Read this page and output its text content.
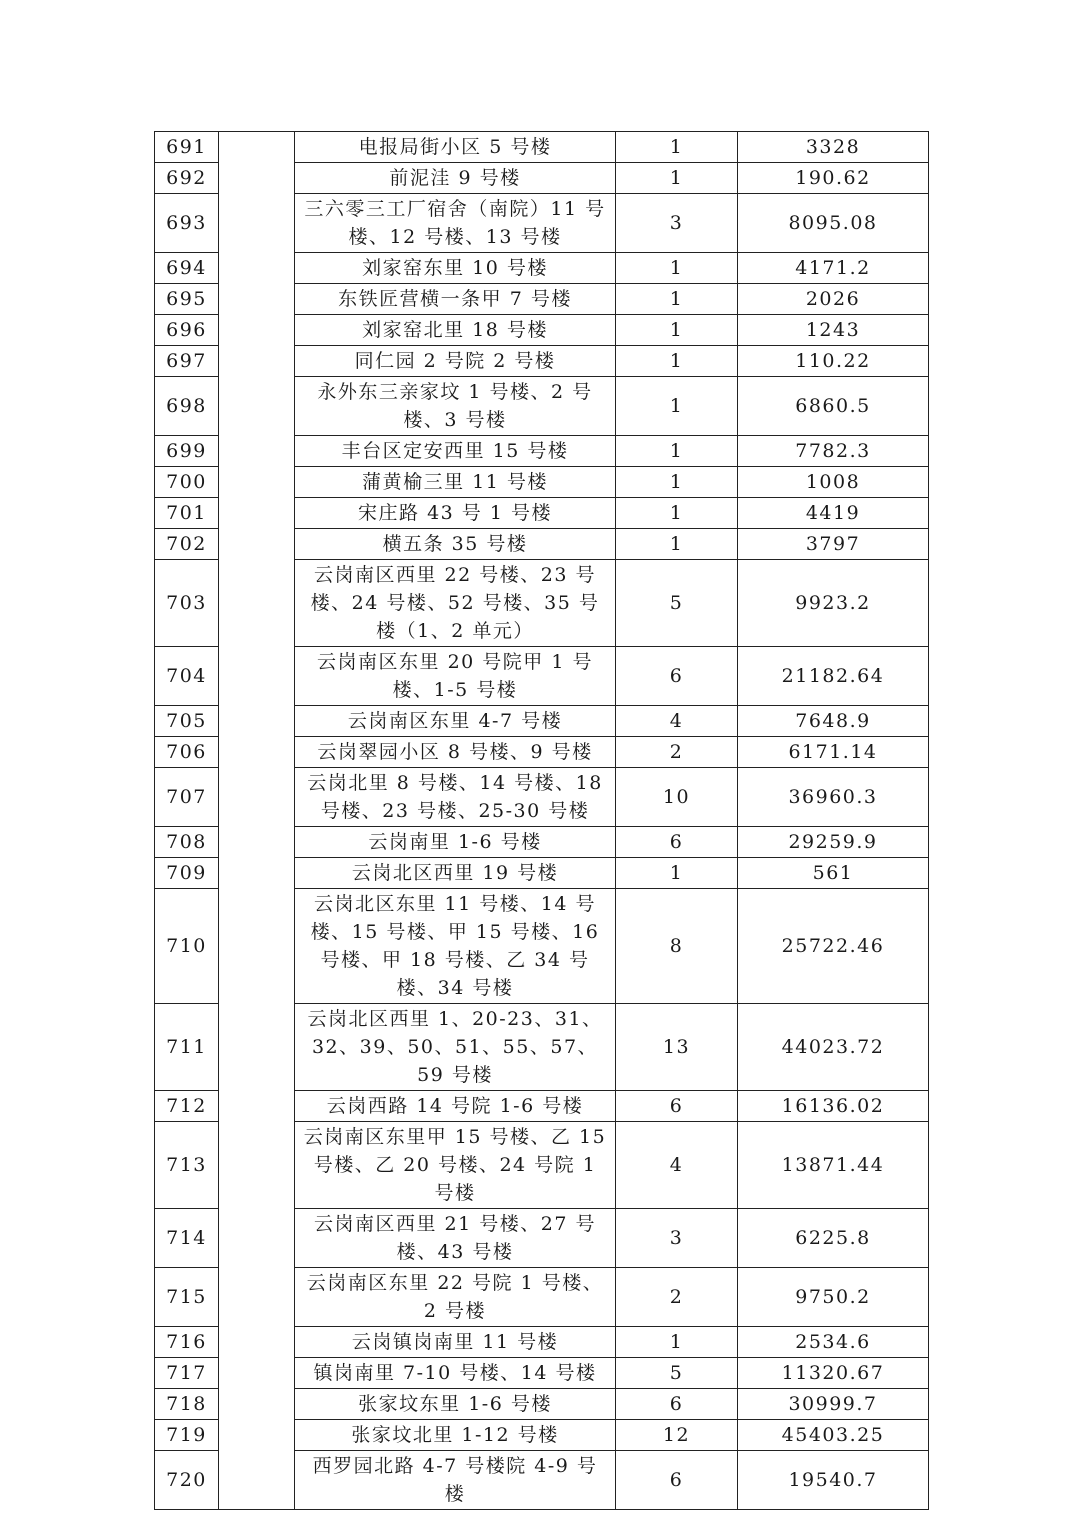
691		电报局街小区 5 号楼	1	3328
692		前泥洼 9 号楼	1	190.62
693		三六零三工厂宿舍（南院）11 号楼、12 号楼、13 号楼	3	8095.08
694		刘家窑东里 10 号楼	1	4171.2
695		东铁匠营横一条甲 7 号楼	1	2026
696		刘家窑北里 18 号楼	1	1243
697		同仁园 2 号院 2 号楼	1	110.22
698		永外东三亲家坟 1 号楼、2 号楼、3 号楼	1	6860.5
699		丰台区定安西里 15 号楼	1	7782.3
700		蒲黄榆三里 11 号楼	1	1008
701		宋庄路 43 号 1 号楼	1	4419
702		横五条 35 号楼	1	3797
703		云岗南区西里 22 号楼、23 号楼、24 号楼、52 号楼、35 号楼（1、2 单元）	5	9923.2
704		云岗南区东里 20 号院甲 1 号楼、1-5 号楼	6	21182.64
705		云岗南区东里 4-7 号楼	4	7648.9
706		云岗翠园小区 8 号楼、9 号楼	2	6171.14
707		云岗北里 8 号楼、14 号楼、18 号楼、23 号楼、25-30 号楼	10	36960.3
708		云岗南里 1-6 号楼	6	29259.9
709		云岗北区西里 19 号楼	1	561
710		云岗北区东里 11 号楼、14 号楼、15 号楼、甲 15 号楼、16 号楼、甲 18 号楼、乙 34 号楼、34 号楼	8	25722.46
711		云岗北区西里 1、20-23、31、32、39、50、51、55、57、59 号楼	13	44023.72
712		云岗西路 14 号院 1-6 号楼	6	16136.02
713		云岗南区东里甲 15 号楼、乙 15 号楼、乙 20 号楼、24 号院 1 号楼	4	13871.44
714		云岗南区西里 21 号楼、27 号楼、43 号楼	3	6225.8
715		云岗南区东里 22 号院 1 号楼、2 号楼	2	9750.2
716		云岗镇岗南里 11 号楼	1	2534.6
717		镇岗南里 7-10 号楼、14 号楼	5	11320.67
718		张家坟东里 1-6 号楼	6	30999.7
719		张家坟北里 1-12 号楼	12	45403.25
720		西罗园北路 4-7 号楼院 4-9 号楼	6	19540.7
